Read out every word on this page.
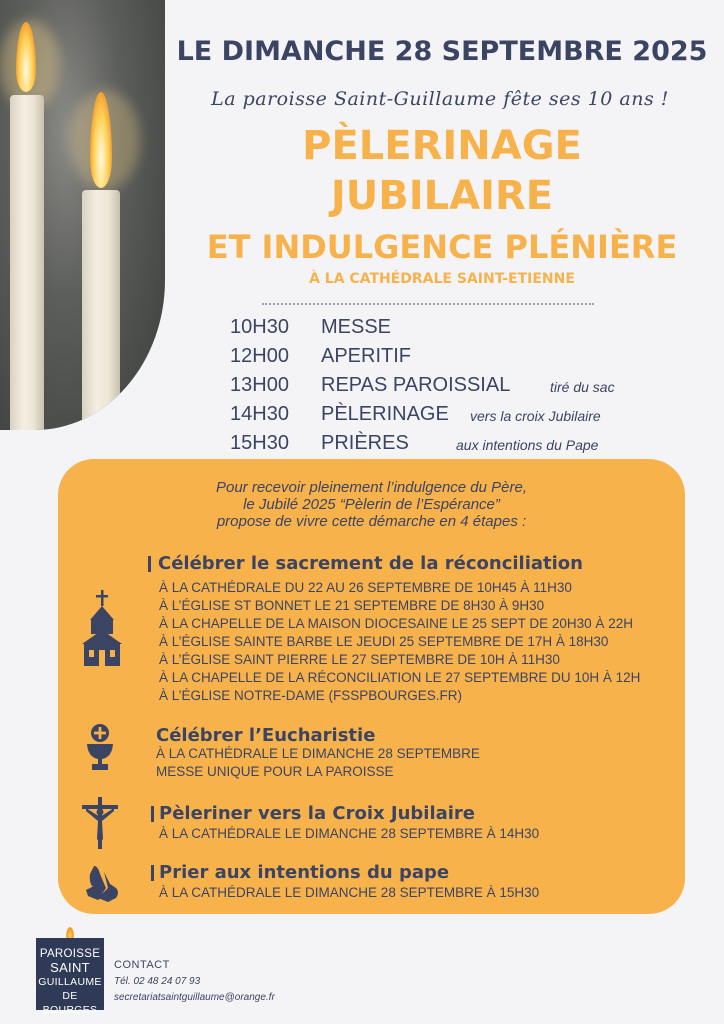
LE DIMANCHE 28 SEPTEMBRE 2025
La paroisse Saint-Guillaume fête ses 10 ans !
PÈLERINAGE
JUBILAIRE
ET INDULGENCE PLÉNIÈRE
À LA CATHÉDRALE SAINT-ETIENNE
10H30 MESSE
12H00 APERITIF
13H00 REPAS PAROISSIAL	tiré du sac
14H30 PÈLERINAGE vers la croix Jubilaire
15H30 PRIÈRES	aux intentions du Pape
Pour recevoir pleinement l’indulgence du Père,
le Jubilé 2025 “Pèlerin de l’Espérance”
propose de vivre cette démarche en 4 étapes :
Célébrer le sacrement de la réconciliation
À LA CATHÉDRALE DU 22 AU 26 SEPTEMBRE DE 10H45 À 11H30
À L’ÉGLISE ST BONNET LE 21 SEPTEMBRE DE 8H30 À 9H30
À LA CHAPELLE DE LA MAISON DIOCESAINE LE 25 SEPT DE 20H30 À 22H
À L’ÉGLISE SAINTE BARBE LE JEUDI 25 SEPTEMBRE DE 17H À 18H30
À L’ÉGLISE SAINT PIERRE LE 27 SEPTEMBRE DE 10H À 11H30
À LA CHAPELLE DE LA RÉCONCILIATION LE 27 SEPTEMBRE DU 10H À 12H
À L’ÉGLISE NOTRE-DAME (FSSPBOURGES.FR)
Célébrer l’Eucharistie
À LA CATHÉDRALE LE DIMANCHE 28 SEPTEMBRE
MESSE UNIQUE POUR LA PAROISSE
Pèleriner vers la Croix Jubilaire
À LA CATHÉDRALE LE DIMANCHE 28 SEPTEMBRE À 14H30
Prier aux intentions du pape
À LA CATHÉDRALE LE DIMANCHE 28 SEPTEMBRE À 15H30
PAROISSE
SAINT
GUILLAUME
DE BOURGES
CONTACT
Tél. 02 48 24 07 93
secretariatsaintguillaume@orange.fr
